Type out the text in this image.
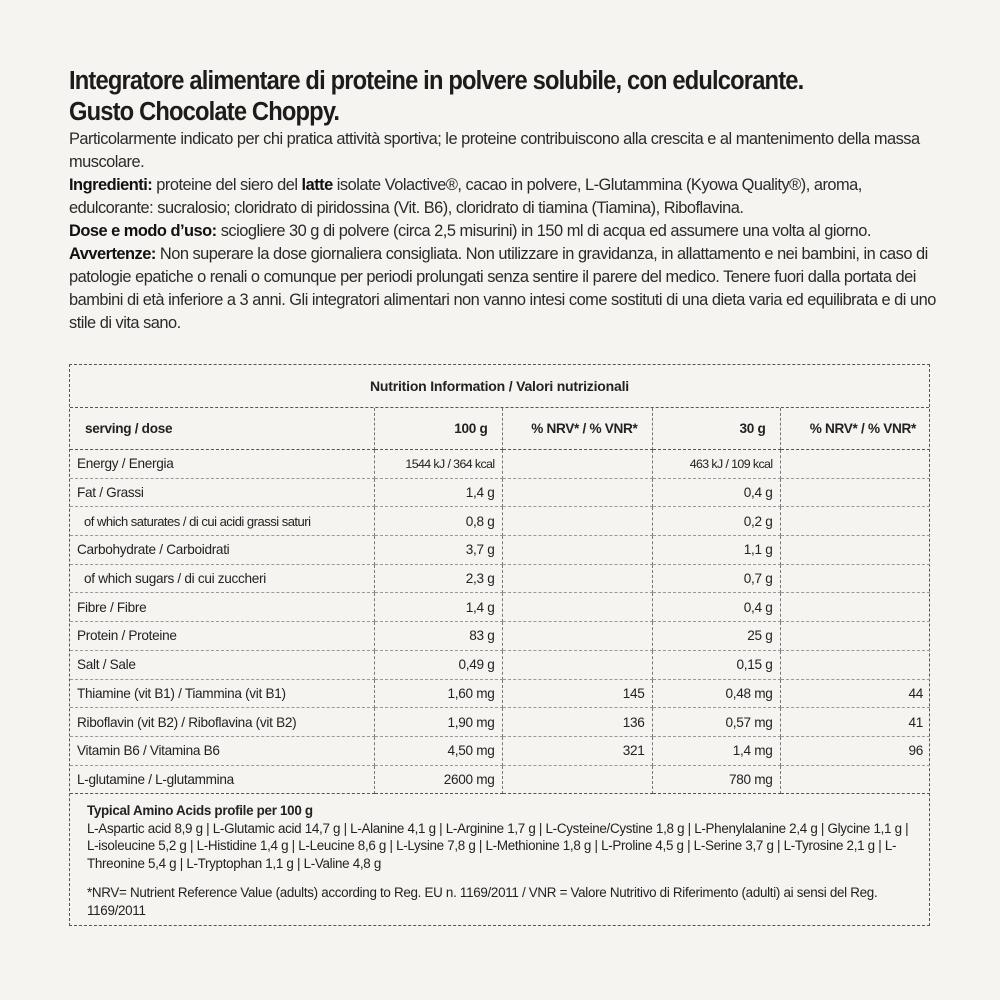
Integratore alimentare di proteine in polvere solubile, con edulcorante.

Gusto Chocolate Choppy.

Particolarmente indicato per chi pratica attività sportiva; le proteine contribuiscono alla crescita e al mantenimento della massa muscolare.

Ingredienti: proteine del siero del latte isolate Volactive®, cacao in polvere, L-Glutammina (Kyowa Quality®), aroma, edulcorante: sucralosio; cloridrato di piridossina (Vit. B6), cloridrato di tiamina (Tiamina), Riboflavina.

Dose e modo d’uso: sciogliere 30 g di polvere (circa 2,5 misurini) in 150 ml di acqua ed assumere una volta al giorno.

Avvertenze: Non superare la dose giornaliera consigliata. Non utilizzare in gravidanza, in allattamento e nei bambini, in caso di patologie epatiche o renali o comunque per periodi prolungati senza sentire il parere del medico. Tenere fuori dalla portata dei bambini di età inferiore a 3 anni. Gli integratori alimentari non vanno intesi come sostituti di una dieta varia ed equilibrata e di uno stile di vita sano.

Nutrition Information / Valori nutrizionali
serving / dose	100 g	% NRV* / % VNR*	30 g	% NRV* / % VNR*
Energy / Energia	1544 kJ / 364 kcal		463 kJ / 109 kcal	
Fat / Grassi	1,4 g		0,4 g	
of which saturates / di cui acidi grassi saturi	0,8 g		0,2 g	
Carbohydrate / Carboidrati	3,7 g		1,1 g	
of which sugars / di cui zuccheri	2,3 g		0,7 g	
Fibre / Fibre	1,4 g		0,4 g	
Protein / Proteine	83 g		25 g	
Salt / Sale	0,49 g		0,15 g	
Thiamine (vit B1) / Tiammina (vit B1)	1,60 mg	145	0,48 mg	44
Riboflavin (vit B2) / Riboflavina (vit B2)	1,90 mg	136	0,57 mg	41
Vitamin B6 / Vitamina B6	4,50 mg	321	1,4 mg	96
L-glutamine / L-glutammina	2600 mg		780 mg	
Typical Amino Acids profile per 100 g
L-Aspartic acid 8,9 g | L-Glutamic acid 14,7 g | L-Alanine 4,1 g | L-Arginine 1,7 g | L-Cysteine/Cystine 1,8 g | L-Phenylalanine 2,4 g | Glycine 1,1 g | L-isoleucine 5,2 g | L-Histidine 1,4 g | L-Leucine 8,6 g | L-Lysine 7,8 g | L-Methionine 1,8 g | L-Proline 4,5 g | L-Serine 3,7 g | L-Tyrosine 2,1 g | L-Threonine 5,4 g | L-Tryptophan 1,1 g | L-Valine 4,8 g
*NRV= Nutrient Reference Value (adults) according to Reg. EU n. 1169/2011 / VNR = Valore Nutritivo di Riferimento (adulti) ai sensi del Reg. 1169/2011
